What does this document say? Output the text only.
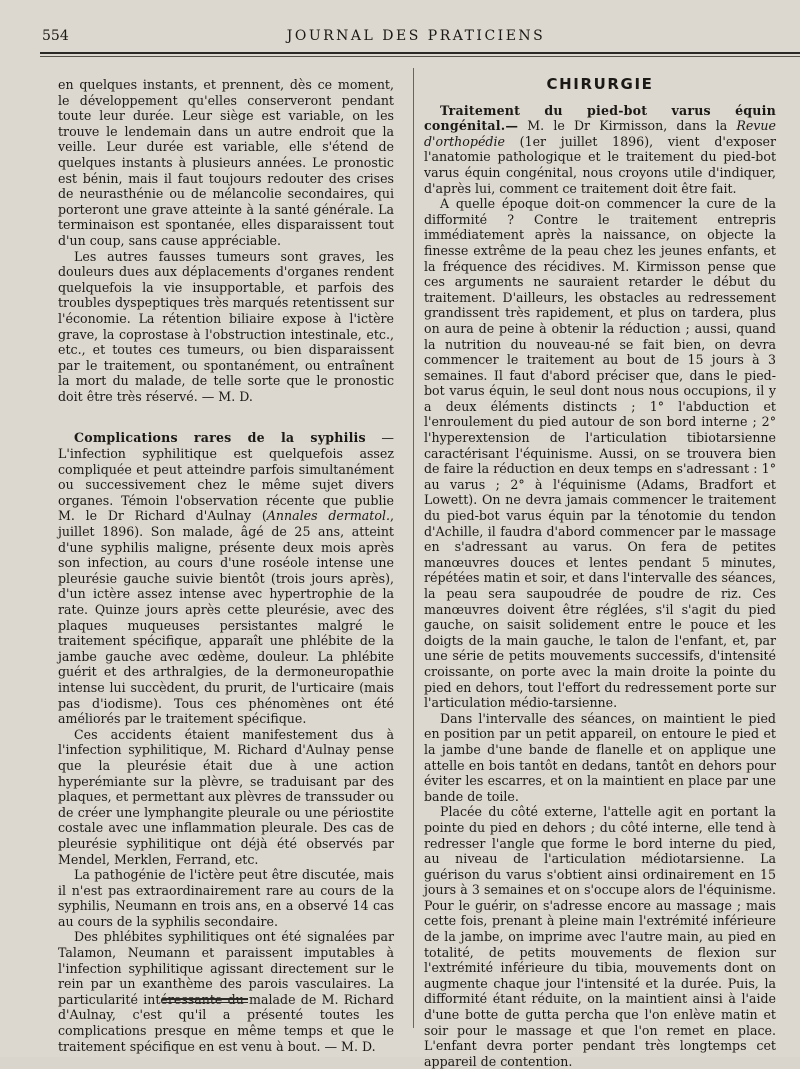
554	JOURNAL DES PRATICIENS

en quelques instants, et prennent, dès ce moment, le développement qu'elles conserveront pendant toute leur durée. Leur siège est variable, on les trouve le lendemain dans un autre endroit que la veille. Leur durée est variable, elle s'étend de quelques instants à plusieurs années. Le pronostic est bénin, mais il faut toujours redouter des crises de neurasthénie ou de mélancolie secondaires, qui porteront une grave atteinte à la santé générale. La terminaison est spontanée, elles disparaissent tout d'un coup, sans cause appréciable.

Les autres fausses tumeurs sont graves, les douleurs dues aux déplacements d'organes rendent quelquefois la vie insupportable, et parfois des troubles dyspeptiques très marqués retentissent sur l'économie. La rétention biliaire expose à l'ictère grave, la coprostase à l'obstruction intestinale, etc., etc., et toutes ces tumeurs, ou bien disparaissent par le traitement, ou spontanément, ou entraînent la mort du malade, de telle sorte que le pronostic doit être très réservé. — M. D.

Complications rares de la syphilis — L'infection syphilitique est quelquefois assez compliquée et peut atteindre parfois simultanément ou successivement chez le même sujet divers organes. Témoin l'observation récente que publie M. le Dr Richard d'Aulnay (Annales dermatol., juillet 1896). Son malade, âgé de 25 ans, atteint d'une syphilis maligne, présente deux mois après son infection, au cours d'une roséole intense une pleurésie gauche suivie bientôt (trois jours après), d'un ictère assez intense avec hypertrophie de la rate. Quinze jours après cette pleurésie, avec des plaques muqueuses persistantes malgré le traitement spécifique, apparaît une phlébite de la jambe gauche avec œdème, douleur. La phlébite guérit et des arthralgies, de la dermoneuropathie intense lui succèdent, du prurit, de l'urticaire (mais pas d'iodisme). Tous ces phénomènes ont été améliorés par le traitement spécifique.

Ces accidents étaient manifestement dus à l'infection syphilitique, M. Richard d'Aulnay pense que la pleurésie était due à une action hyperémiante sur la plèvre, se traduisant par des plaques, et permettant aux plèvres de transsuder ou de créer une lymphangite pleurale ou une périostite costale avec une inflammation pleurale. Des cas de pleurésie syphilitique ont déjà été observés par Mendel, Merklen, Ferrand, etc.

La pathogénie de l'ictère peut être discutée, mais il n'est pas extraordinairement rare au cours de la syphilis, Neumann en trois ans, en a observé 14 cas au cours de la syphilis secondaire.

Des phlébites syphilitiques ont été signalées par Talamon, Neumann et paraissent imputables à l'infection syphilitique agissant directement sur le rein par un exanthème des parois vasculaires. La particularité intéressante du malade de M. Richard d'Aulnay, c'est qu'il a présenté toutes les complications presque en même temps et que le traitement spécifique en est venu à bout. — M. D.

CHIRURGIE

Traitement du pied-bot varus équin congénital.— M. le Dr Kirmisson, dans la Revue d'orthopédie (1er juillet 1896), vient d'exposer l'anatomie pathologique et le traitement du pied-bot varus équin congénital, nous croyons utile d'indiquer, d'après lui, comment ce traitement doit être fait.

A quelle époque doit-on commencer la cure de la difformité ? Contre le traitement entrepris immédiatement après la naissance, on objecte la finesse extrême de la peau chez les jeunes enfants, et la fréquence des récidives. M. Kirmisson pense que ces arguments ne sauraient retarder le début du traitement. D'ailleurs, les obstacles au redressement grandissent très rapidement, et plus on tardera, plus on aura de peine à obtenir la réduction ; aussi, quand la nutrition du nouveau-né se fait bien, on devra commencer le traitement au bout de 15 jours à 3 semaines. Il faut d'abord préciser que, dans le pied-bot varus équin, le seul dont nous nous occupions, il y a deux éléments distincts ; 1° l'abduction et l'enroulement du pied autour de son bord interne ; 2° l'hyperextension de l'articulation tibiotarsienne caractérisant l'équinisme. Aussi, on se trouvera bien de faire la réduction en deux temps en s'adressant : 1° au varus ; 2° à l'équinisme (Adams, Bradfort et Lowett). On ne devra jamais commencer le traitement du pied-bot varus équin par la ténotomie du tendon d'Achille, il faudra d'abord commencer par le massage en s'adressant au varus. On fera de petites manœuvres douces et lentes pendant 5 minutes, répétées matin et soir, et dans l'intervalle des séances, la peau sera saupoudrée de poudre de riz. Ces manœuvres doivent être réglées, s'il s'agit du pied gauche, on saisit solidement entre le pouce et les doigts de la main gauche, le talon de l'enfant, et, par une série de petits mouvements successifs, d'intensité croissante, on porte avec la main droite la pointe du pied en dehors, tout l'effort du redressement porte sur l'articulation médio-tarsienne.

Dans l'intervalle des séances, on maintient le pied en position par un petit appareil, on entoure le pied et la jambe d'une bande de flanelle et on applique une attelle en bois tantôt en dedans, tantôt en dehors pour éviter les escarres, et on la maintient en place par une bande de toile.

Placée du côté externe, l'attelle agit en portant la pointe du pied en dehors ; du côté interne, elle tend à redresser l'angle que forme le bord interne du pied, au niveau de l'articulation médiotarsienne. La guérison du varus s'obtient ainsi ordinairement en 15 jours à 3 semaines et on s'occupe alors de l'équinisme. Pour le guérir, on s'adresse encore au massage ; mais cette fois, prenant à pleine main l'extrémité inférieure de la jambe, on imprime avec l'autre main, au pied en totalité, de petits mouvements de flexion sur l'extrémité inférieure du tibia, mouvements dont on augmente chaque jour l'intensité et la durée. Puis, la difformité étant réduite, on la maintient ainsi à l'aide d'une botte de gutta percha que l'on enlève matin et soir pour le massage et que l'on remet en place. L'enfant devra porter pendant très longtemps cet appareil de contention.
